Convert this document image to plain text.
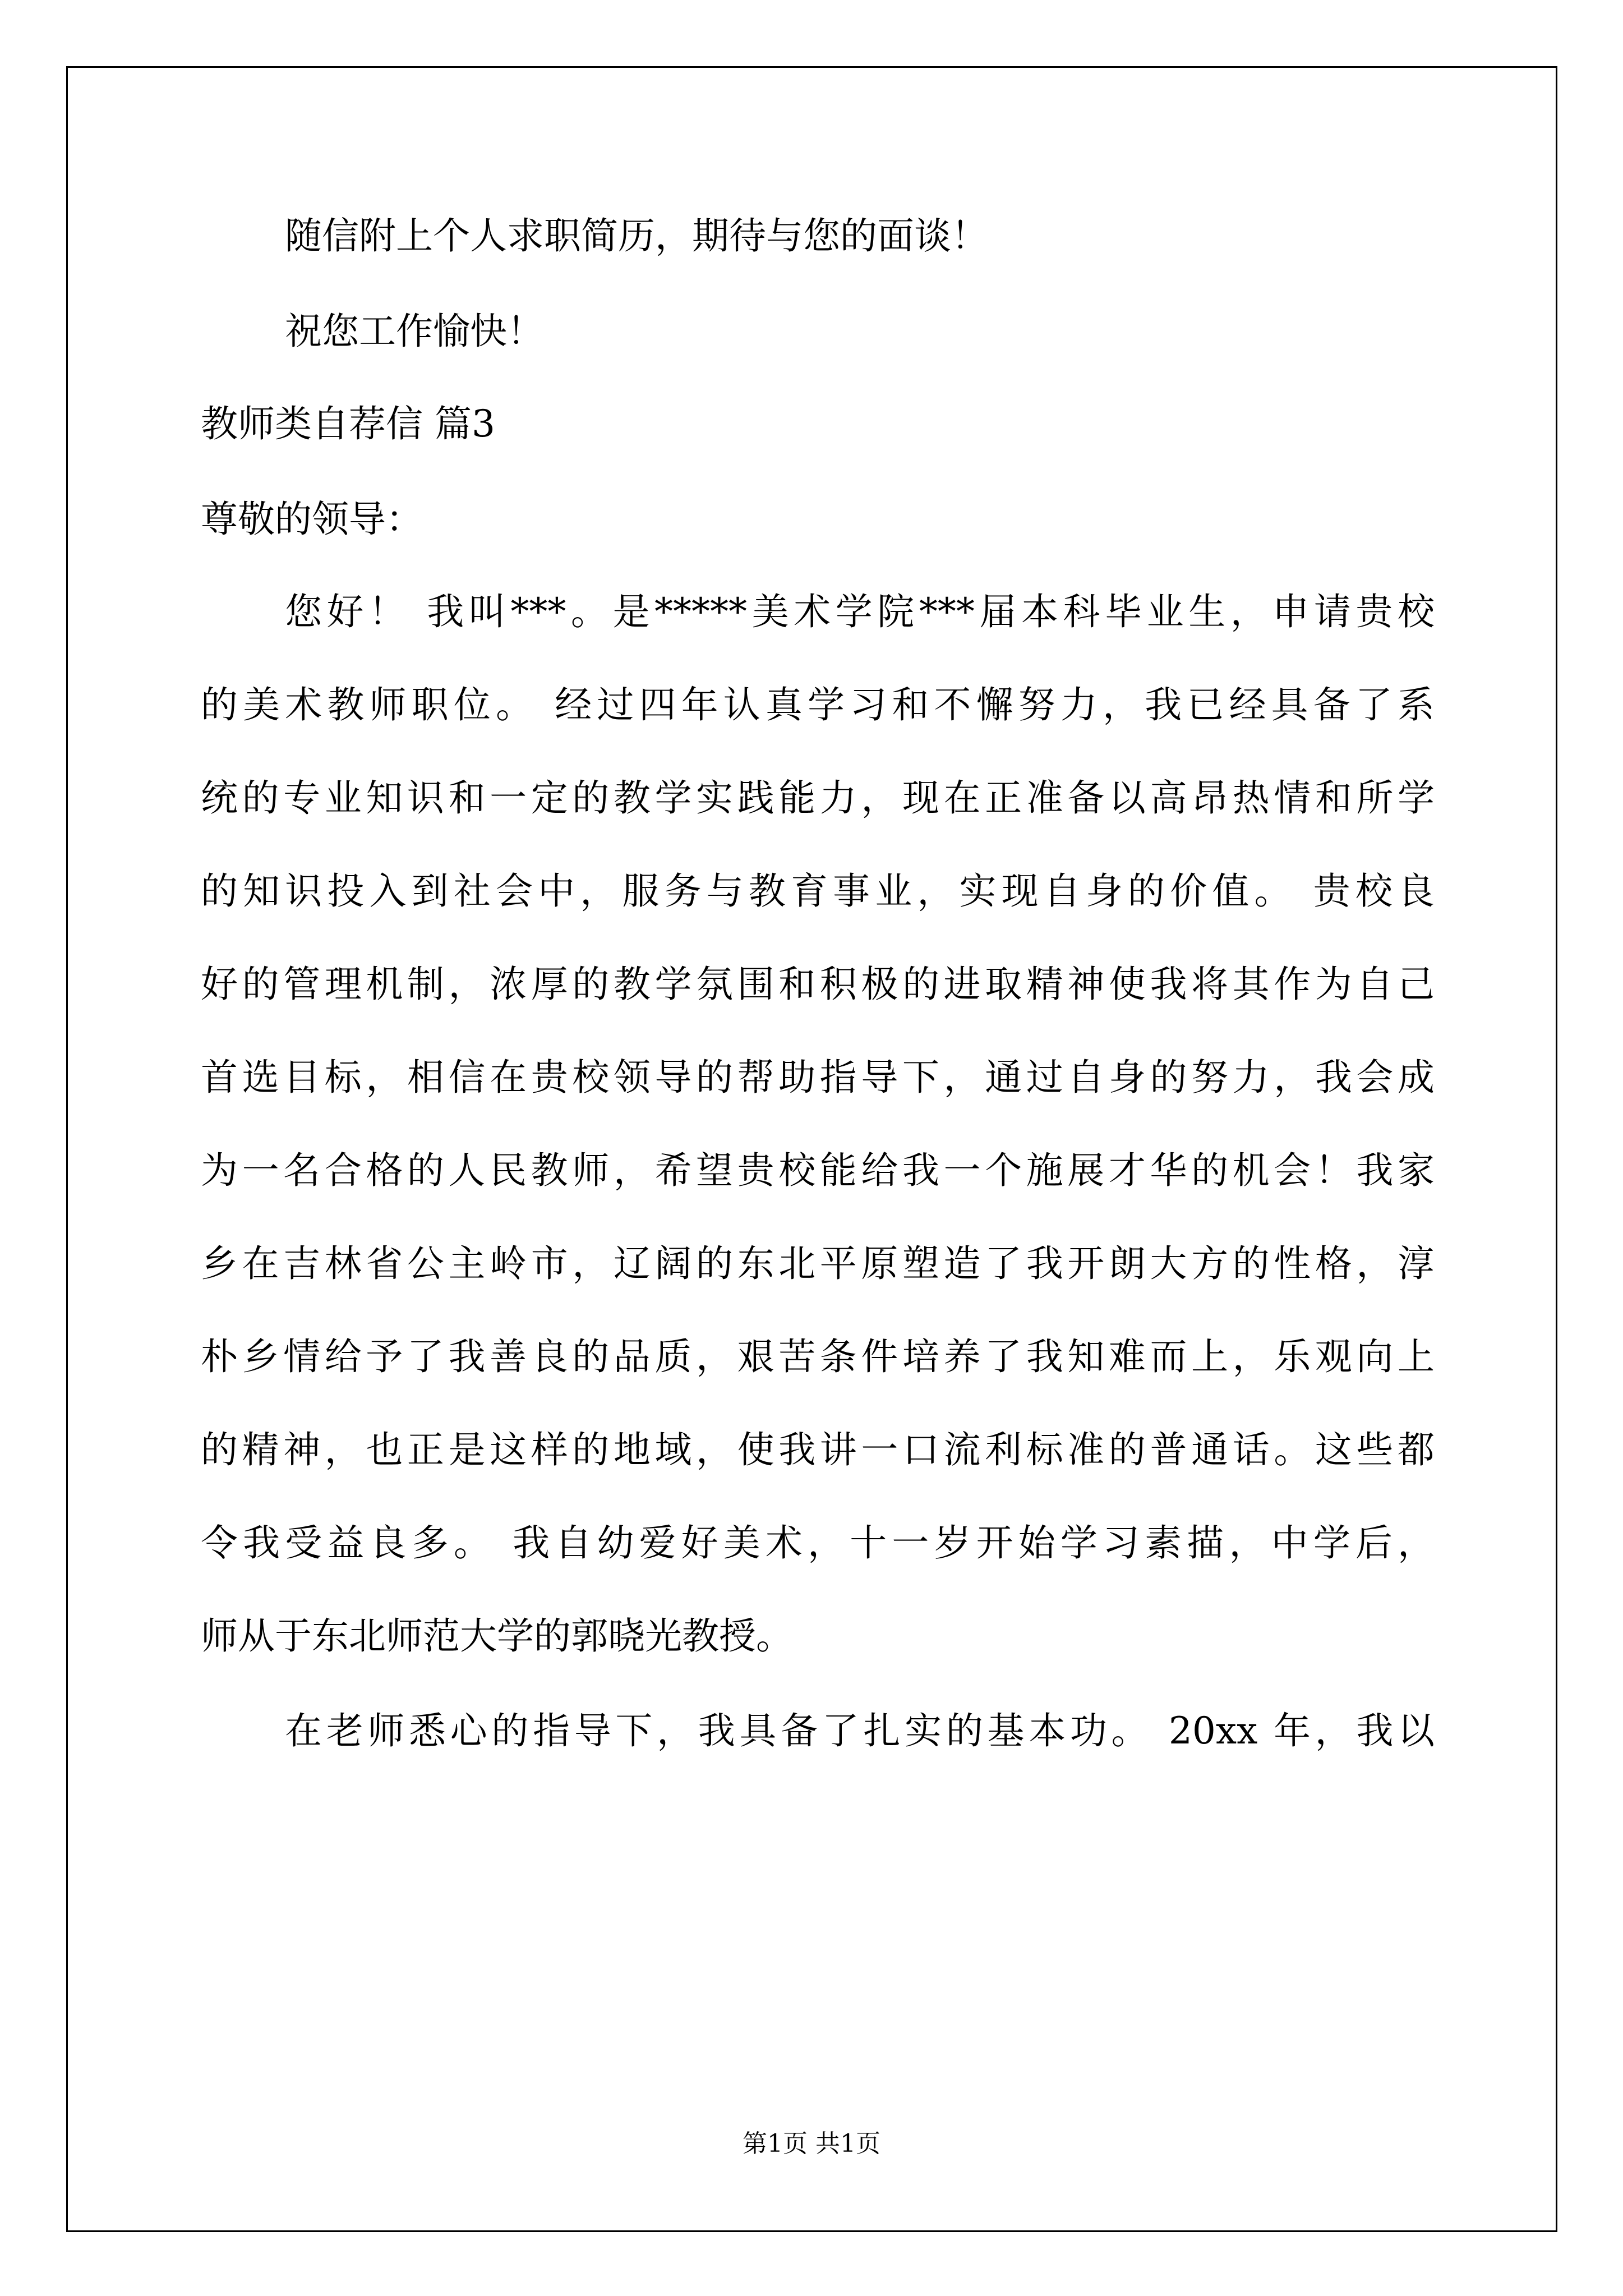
随信附上个人求职简历，期待与您的面谈！
祝您工作愉快！
教师类自荐信 篇3
尊敬的领导：
您好！ 我叫***。是*****美术学院***届本科毕业生，申请贵校
的美术教师职位。 经过四年认真学习和不懈努力，我已经具备了系
统的专业知识和一定的教学实践能力，现在正准备以高昂热情和所学
的知识投入到社会中，服务与教育事业，实现自身的价值。 贵校良
好的管理机制，浓厚的教学氛围和积极的进取精神使我将其作为自己
首选目标，相信在贵校领导的帮助指导下，通过自身的努力，我会成
为一名合格的人民教师，希望贵校能给我一个施展才华的机会！我家
乡在吉林省公主岭市，辽阔的东北平原塑造了我开朗大方的性格，淳
朴乡情给予了我善良的品质，艰苦条件培养了我知难而上，乐观向上
的精神，也正是这样的地域，使我讲一口流利标准的普通话。这些都
令我受益良多。 我自幼爱好美术，十一岁开始学习素描，中学后，
师从于东北师范大学的郭晓光教授。
在老师悉心的指导下，我具备了扎实的基本功。 20xx 年，我以
第1页 共1页
